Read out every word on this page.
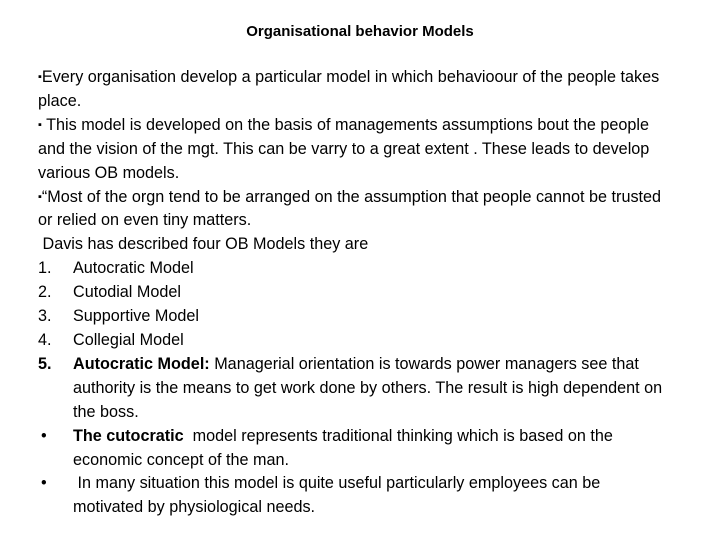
Organisational behavior Models

▪Every organisation develop a particular model in which behavioour of the people takes place.

▪ This model is developed on the basis of managements assumptions bout the people and the vision of the mgt. This can be varry to a great extent . These leads to develop various OB models.

▪“Most of the orgn tend to be arranged on the assumption that people cannot be trusted or relied on even tiny matters.

Davis has described four OB Models they are

1.	Autocratic Model
2.	Cutodial Model
3.	Supportive Model
4.	Collegial Model
5.	Autocratic Model: Managerial orientation is towards power managers see that authority is the means to get work done by others. The result is high dependent on the boss.
•	The cutocratic  model represents traditional thinking which is based on the economic concept of the man.
•	In many situation this model is quite useful particularly employees can be  motivated by physiological needs.
